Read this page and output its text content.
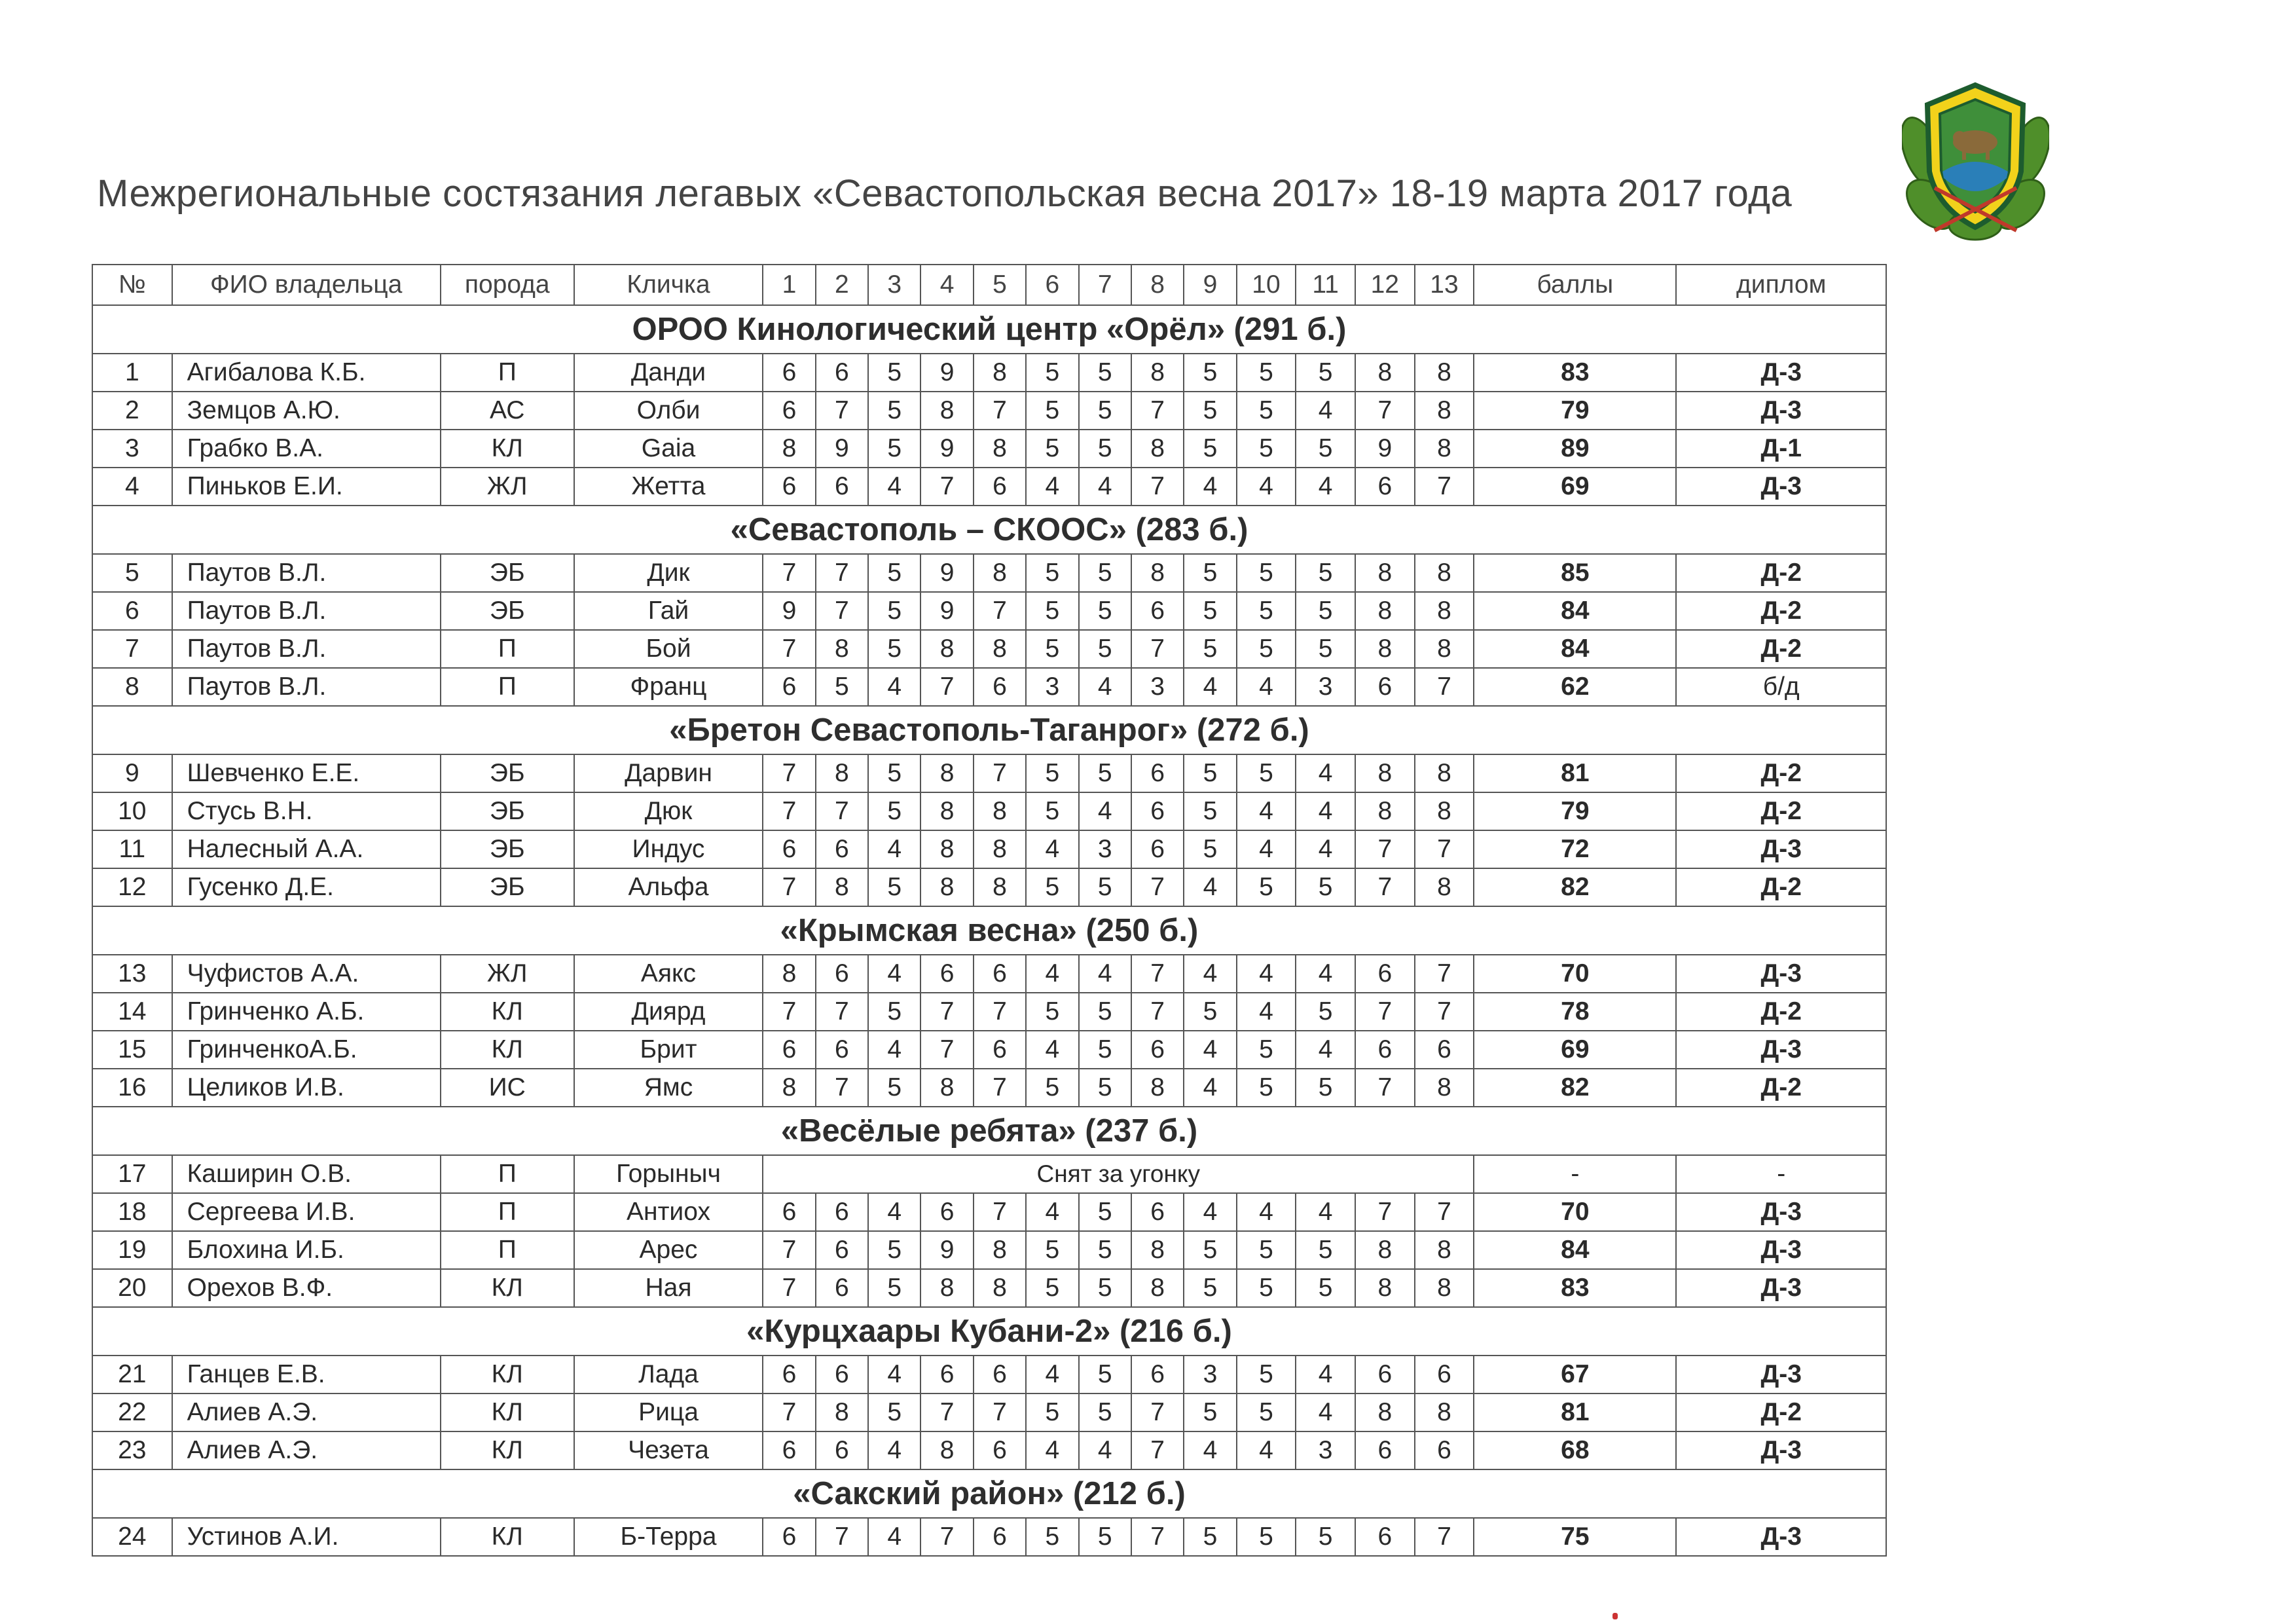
Межрегиональные состязания легавых «Севастопольская весна 2017» 18-19 марта 2017 года
№	ФИО владельца	порода	Кличка	1	2	3	4	5	6	7	8	9	10	11	12	13	баллы	диплом
ОРОО Кинологический центр «Орёл» (291 б.)																		
1	Агибалова К.Б.	П	Данди	6	6	5	9	8	5	5	8	5	5	5	8	8	83	Д-3
2	Земцов А.Ю.	АС	Олби	6	7	5	8	7	5	5	7	5	5	4	7	8	79	Д-3
3	Грабко В.А.	КЛ	Gaia	8	9	5	9	8	5	5	8	5	5	5	9	8	89	Д-1
4	Пиньков Е.И.	ЖЛ	Жетта	6	6	4	7	6	4	4	7	4	4	4	6	7	69	Д-3
«Севастополь – СКООС» (283 б.)																		
5	Паутов В.Л.	ЭБ	Дик	7	7	5	9	8	5	5	8	5	5	5	8	8	85	Д-2
6	Паутов В.Л.	ЭБ	Гай	9	7	5	9	7	5	5	6	5	5	5	8	8	84	Д-2
7	Паутов В.Л.	П	Бой	7	8	5	8	8	5	5	7	5	5	5	8	8	84	Д-2
8	Паутов В.Л.	П	Франц	6	5	4	7	6	3	4	3	4	4	3	6	7	62	б/д
«Бретон Севастополь-Таганрог» (272 б.)																		
9	Шевченко Е.Е.	ЭБ	Дарвин	7	8	5	8	7	5	5	6	5	5	4	8	8	81	Д-2
10	Стусь В.Н.	ЭБ	Дюк	7	7	5	8	8	5	4	6	5	4	4	8	8	79	Д-2
11	Налесный А.А.	ЭБ	Индус	6	6	4	8	8	4	3	6	5	4	4	7	7	72	Д-3
12	Гусенко Д.Е.	ЭБ	Альфа	7	8	5	8	8	5	5	7	4	5	5	7	8	82	Д-2
«Крымская весна» (250 б.)																		
13	Чуфистов А.А.	ЖЛ	Аякс	8	6	4	6	6	4	4	7	4	4	4	6	7	70	Д-3
14	Гринченко А.Б.	КЛ	Диярд	7	7	5	7	7	5	5	7	5	4	5	7	7	78	Д-2
15	ГринченкоА.Б.	КЛ	Брит	6	6	4	7	6	4	5	6	4	5	4	6	6	69	Д-3
16	Целиков И.В.	ИС	Ямс	8	7	5	8	7	5	5	8	4	5	5	7	8	82	Д-2
«Весёлые ребята» (237 б.)																		
17	Каширин О.В.	П	Горыныч	Снят за угонку													-	-
18	Сергеева И.В.	П	Антиох	6	6	4	6	7	4	5	6	4	4	4	7	7	70	Д-3
19	Блохина И.Б.	П	Арес	7	6	5	9	8	5	5	8	5	5	5	8	8	84	Д-3
20	Орехов В.Ф.	КЛ	Ная	7	6	5	8	8	5	5	8	5	5	5	8	8	83	Д-3
«Курцхаары Кубани-2» (216 б.)																		
21	Ганцев Е.В.	КЛ	Лада	6	6	4	6	6	4	5	6	3	5	4	6	6	67	Д-3
22	Алиев А.Э.	КЛ	Рица	7	8	5	7	7	5	5	7	5	5	4	8	8	81	Д-2
23	Алиев А.Э.	КЛ	Чезета	6	6	4	8	6	4	4	7	4	4	3	6	6	68	Д-3
«Сакский район» (212 б.)																		
24	Устинов А.И.	КЛ	Б-Терра	6	7	4	7	6	5	5	7	5	5	5	6	7	75	Д-3
